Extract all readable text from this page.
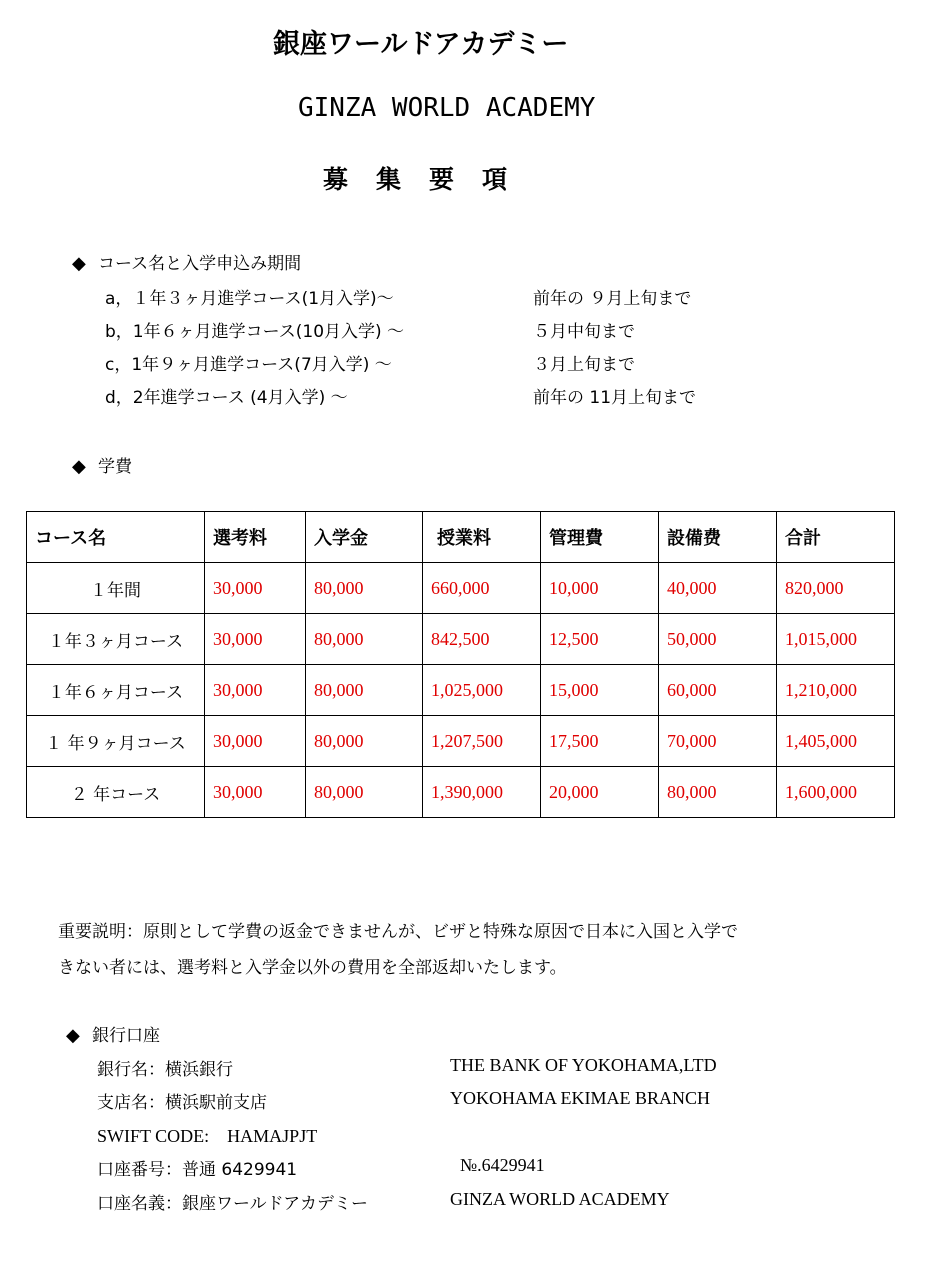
銀座ワールドアカデミー
GINZA WORLD ACADEMY
募 集 要 項
◆ コース名と入学申込み期間
a，１年３ヶ月進学コース(1月入学)～	前年の ９月上旬まで
b，1年６ヶ月進学コース(10月入学) ～	５月中旬まで
c，1年９ヶ月進学コース(7月入学) ～	３月上旬まで
d，2年進学コース (4月入学) ～	前年の 11月上旬まで
◆ 学費
コース名	選考料	入学金	授業料	管理費	設備费	合計
１年間	30,000	80,000	660,000	10,000	40,000	820,000
１年３ヶ月コース	30,000	80,000	842,500	12,500	50,000	1,015,000
１年６ヶ月コース	30,000	80,000	1,025,000	15,000	60,000	1,210,000
１ 年９ヶ月コース	30,000	80,000	1,207,500	17,500	70,000	1,405,000
２ 年コース	30,000	80,000	1,390,000	20,000	80,000	1,600,000
重要説明：原則として学費の返金できませんが、ビザと特殊な原因で日本に入国と入学で
きない者には、選考料と入学金以外の費用を全部返却いたします。
◆ 銀行口座
銀行名：横浜銀行	THE BANK OF YOKOHAMA,LTD
支店名：横浜駅前支店	YOKOHAMA EKIMAE BRANCH
SWIFT CODE:　HAMAJPJT
口座番号：普通 6429941	№.6429941
口座名義：銀座ワールドアカデミー	GINZA WORLD ACADEMY
